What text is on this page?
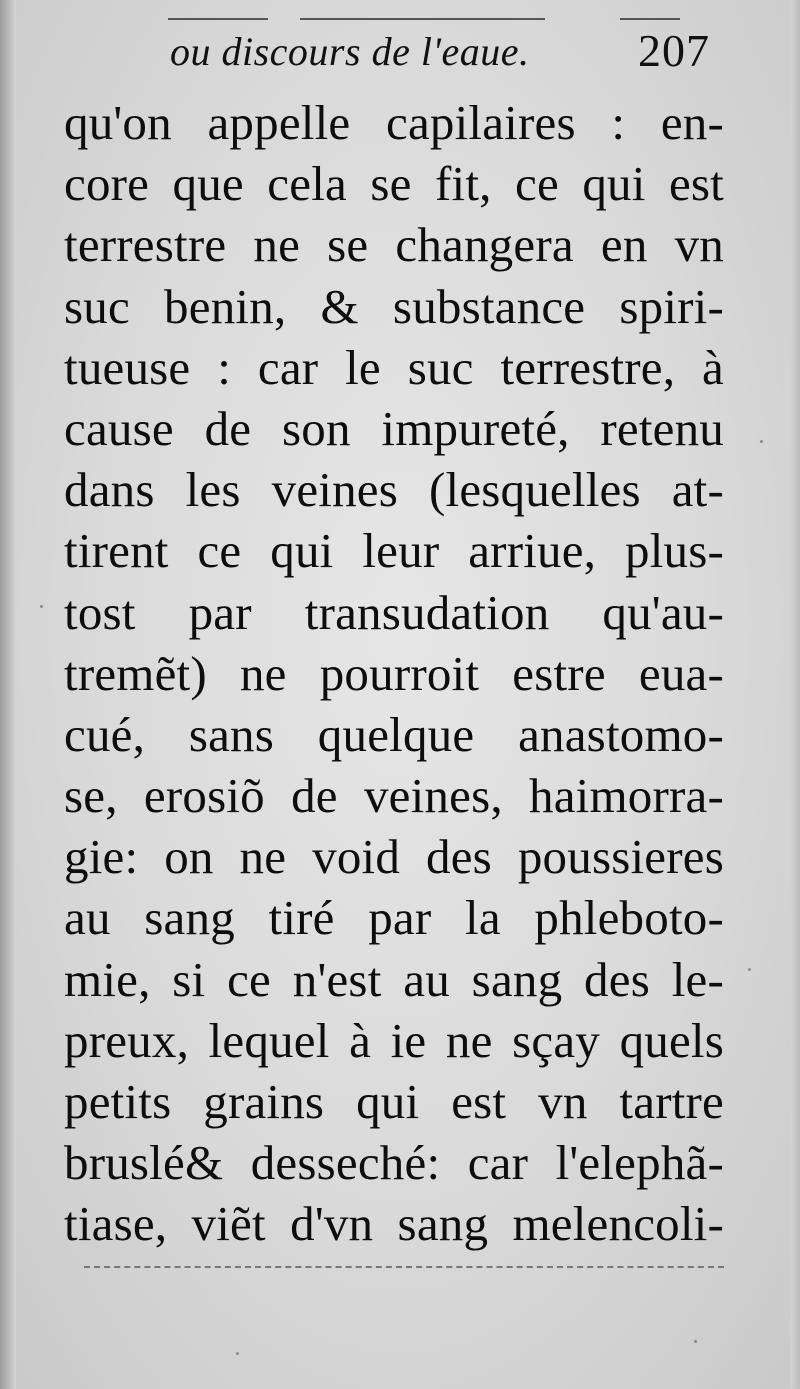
ou discours de l'eaue. 207
qu'on appelle capilaires : en-
core que cela se fit, ce qui est
terrestre ne se changera en vn
suc benin, & substance spiri-
tueuse : car le suc terrestre, à
cause de son impureté, retenu
dans les veines (lesquelles at-
tirent ce qui leur arriue, plus-
tost par transudation qu'au-
tremẽt) ne pourroit estre eua-
cué, sans quelque anastomo-
se, erosiõ de veines, haimorra-
gie: on ne void des poussieres
au sang tiré par la phleboto-
mie, si ce n'est au sang des le-
preux, lequel à ie ne sçay quels
petits grains qui est vn tartre
bruslé& desseché: car l'elephã-
tiase, viẽt d'vn sang melencoli-
